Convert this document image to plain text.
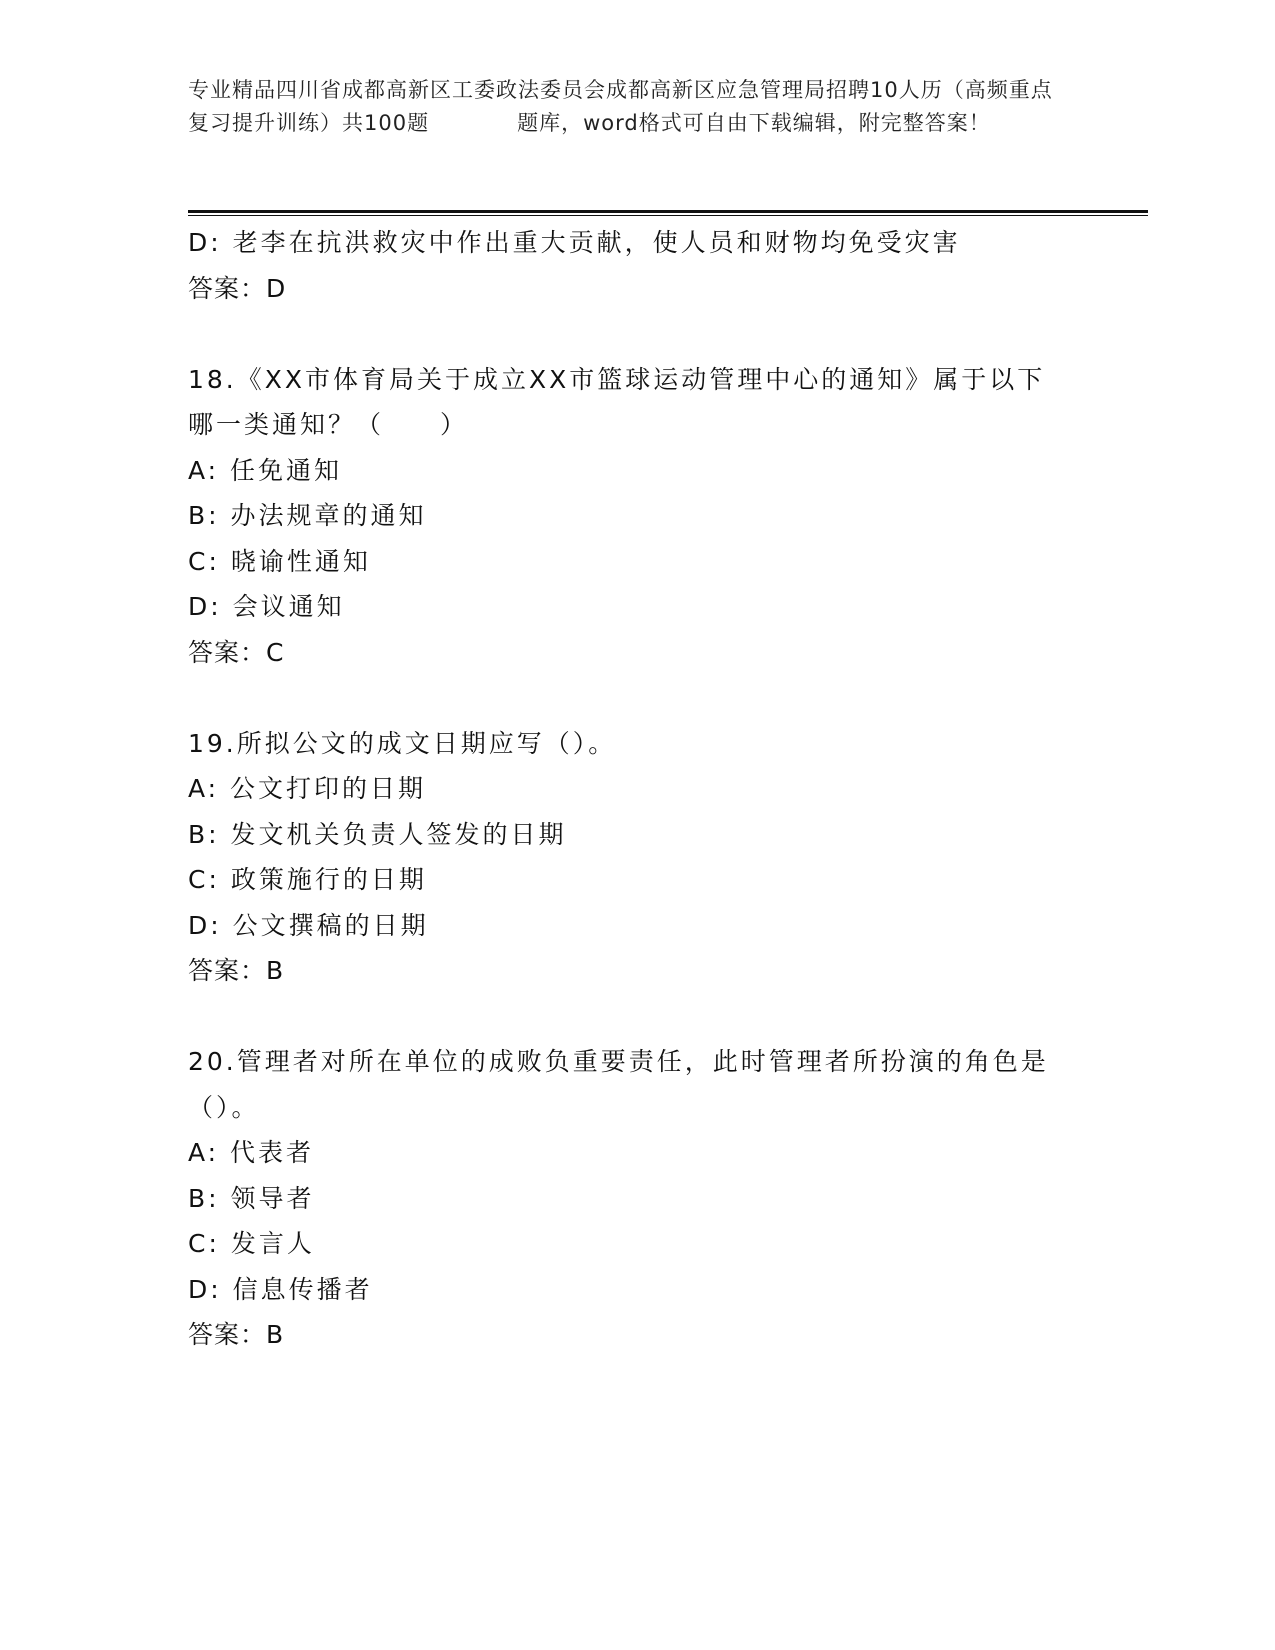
专业精品四川省成都高新区工委政法委员会成都高新区应急管理局招聘10人历（高频重点复习提升训练）共100题　　　　题库，word格式可自由下载编辑，附完整答案！
D: 老李在抗洪救灾中作出重大贡献，使人员和财物均免受灾害
答案：D
18.《XX市体育局关于成立XX市篮球运动管理中心的通知》属于以下
哪一类通知？（　　）
A: 任免通知
B: 办法规章的通知
C: 晓谕性通知
D: 会议通知
答案：C
19.所拟公文的成文日期应写（）。
A: 公文打印的日期
B: 发文机关负责人签发的日期
C: 政策施行的日期
D: 公文撰稿的日期
答案：B
20.管理者对所在单位的成败负重要责任，此时管理者所扮演的角色是
（）。
A: 代表者
B: 领导者
C: 发言人
D: 信息传播者
答案：B
